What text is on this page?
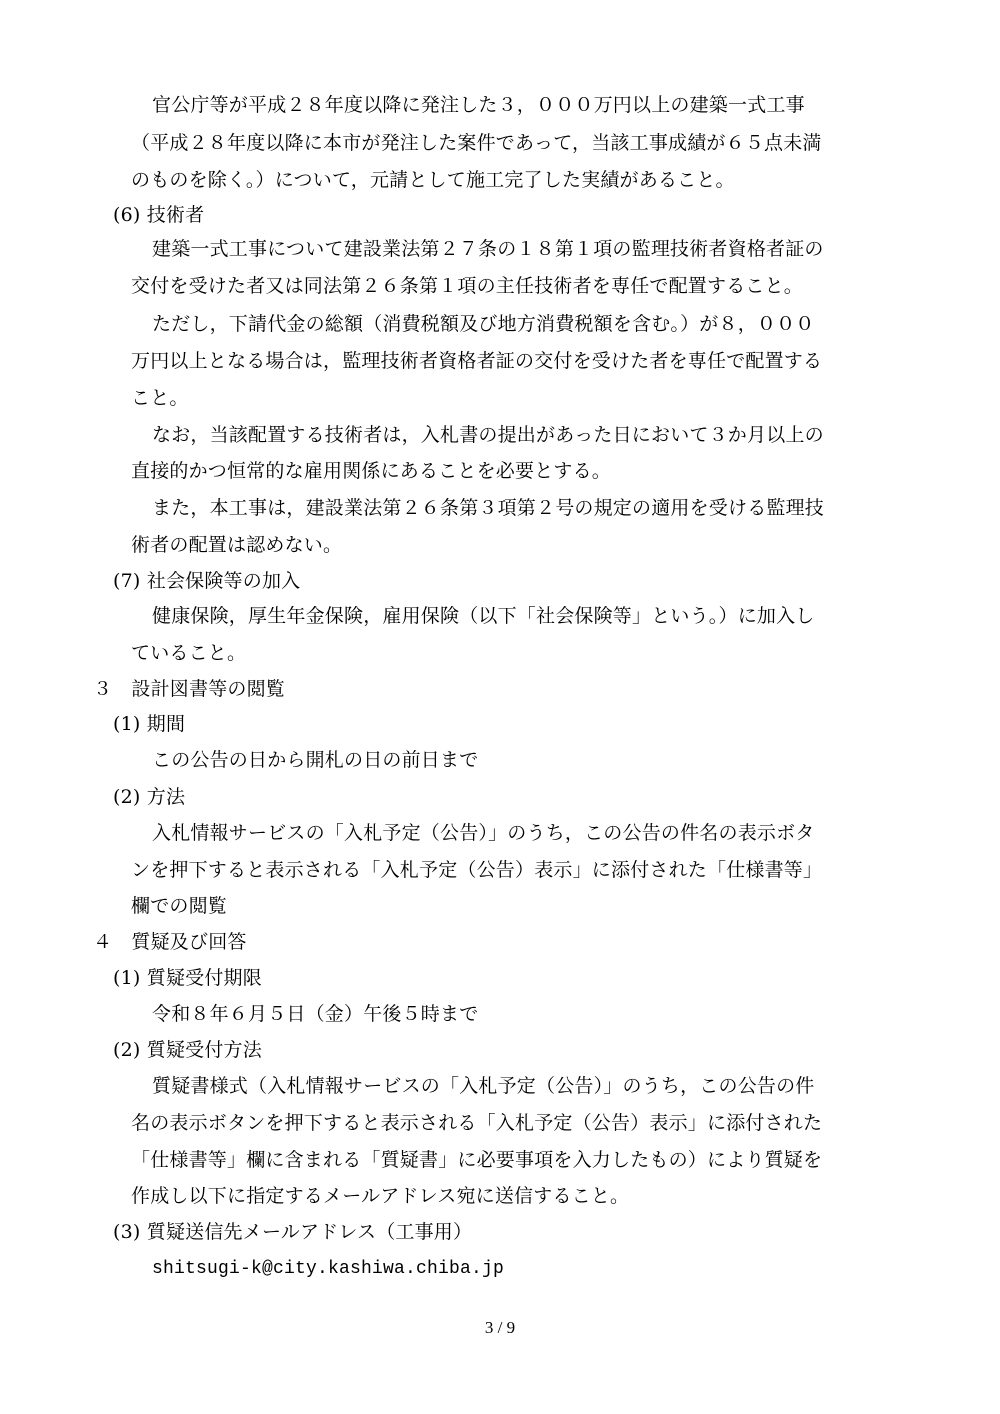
官公庁等が平成２８年度以降に発注した３，０００万円以上の建築一式工事

（平成２８年度以降に本市が発注した案件であって，当該工事成績が６５点未満

のものを除く。）について，元請として施工完了した実績があること。

(6) 技術者

建築一式工事について建設業法第２７条の１８第１項の監理技術者資格者証の

交付を受けた者又は同法第２６条第１項の主任技術者を専任で配置すること。

ただし，下請代金の総額（消費税額及び地方消費税額を含む。）が８，０００

万円以上となる場合は，監理技術者資格者証の交付を受けた者を専任で配置する

こと。

なお，当該配置する技術者は，入札書の提出があった日において３か月以上の

直接的かつ恒常的な雇用関係にあることを必要とする。

また，本工事は，建設業法第２６条第３項第２号の規定の適用を受ける監理技

術者の配置は認めない。

(7) 社会保険等の加入

健康保険，厚生年金保険，雇用保険（以下「社会保険等」という。）に加入し

ていること。

３　設計図書等の閲覧

(1) 期間

この公告の日から開札の日の前日まで

(2) 方法

入札情報サービスの「入札予定（公告）」のうち，この公告の件名の表示ボタ

ンを押下すると表示される「入札予定（公告）表示」に添付された「仕様書等」

欄での閲覧

４　質疑及び回答

(1) 質疑受付期限

令和８年６月５日（金）午後５時まで

(2) 質疑受付方法

質疑書様式（入札情報サービスの「入札予定（公告）」のうち，この公告の件

名の表示ボタンを押下すると表示される「入札予定（公告）表示」に添付された

「仕様書等」欄に含まれる「質疑書」に必要事項を入力したもの）により質疑を

作成し以下に指定するメールアドレス宛に送信すること。

(3) 質疑送信先メールアドレス（工事用）

shitsugi-k@city.kashiwa.chiba.jp

3 / 9
